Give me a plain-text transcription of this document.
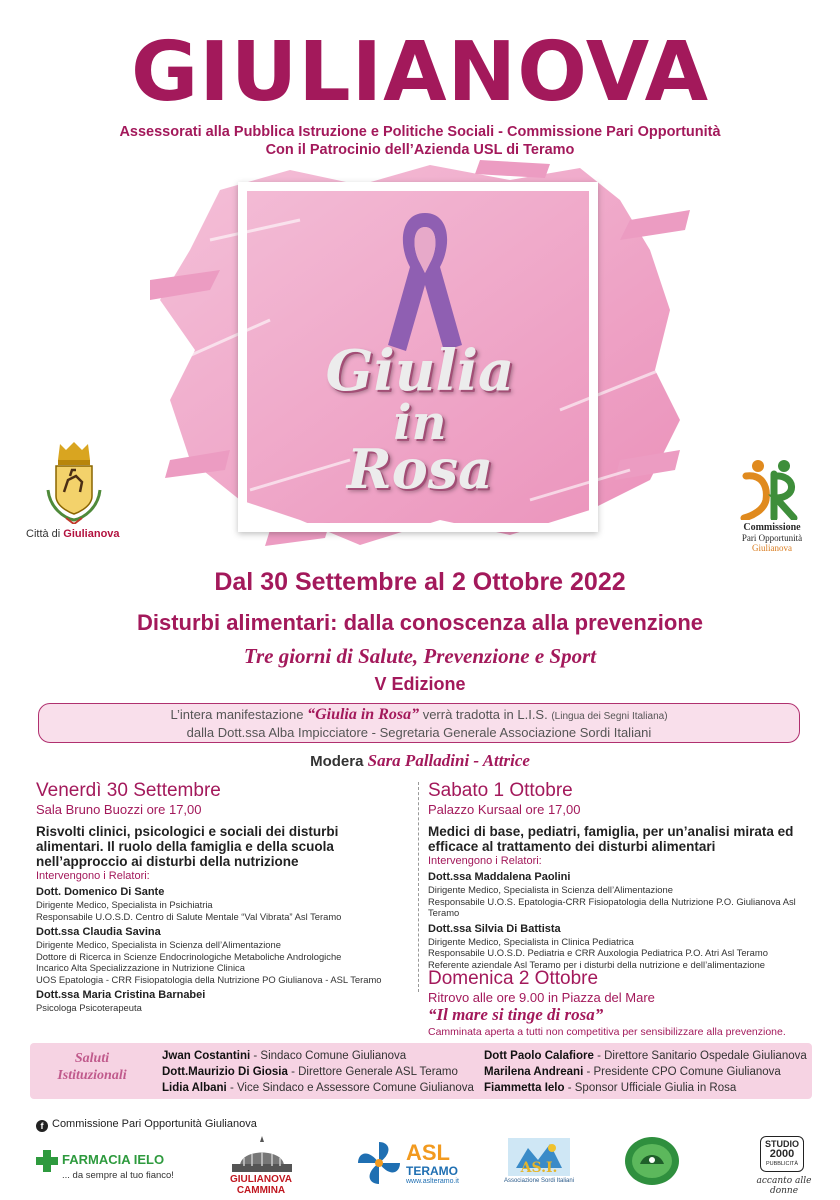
GIULIANOVA
Assessorati alla Pubblica Istruzione e Politiche Sociali - Commissione Pari Opportunità
Con il Patrocinio dell’Azienda USL di Teramo
Giulia
in
Rosa
Città di Giulianova
Commissione
Pari Opportunità
Giulianova
Dal 30 Settembre al 2 Ottobre 2022
Disturbi alimentari: dalla conoscenza alla prevenzione
Tre giorni di Salute, Prevenzione e Sport
V Edizione
L’intera manifestazione “Giulia in Rosa” verrà tradotta in L.I.S. (Lingua dei Segni Italiana)
dalla Dott.ssa Alba Impicciatore - Segretaria Generale Associazione Sordi Italiani
Modera Sara Palladini - Attrice
Venerdì 30 Settembre
Sala Bruno Buozzi ore 17,00
Risvolti clinici, psicologici e sociali dei disturbi alimentari. Il ruolo della famiglia e della scuola nell’approccio ai disturbi della nutrizione
Intervengono i Relatori:
Dott. Domenico Di Sante
Dirigente Medico, Specialista in Psichiatria
Responsabile U.O.S.D. Centro di Salute Mentale “Val Vibrata” Asl Teramo
Dott.ssa Claudia Savina
Dirigente Medico, Specialista in Scienza dell’Alimentazione
Dottore di Ricerca in Scienze Endocrinologiche Metaboliche Andrologiche
Incarico Alta Specializzazione in Nutrizione Clinica
UOS Epatologia - CRR Fisiopatologia della Nutrizione PO Giulianova - ASL Teramo
Dott.ssa Maria Cristina Barnabei
Psicologa Psicoterapeuta
Sabato 1 Ottobre
Palazzo Kursaal ore 17,00
Medici di base, pediatri, famiglia, per un’analisi mirata ed efficace al trattamento dei disturbi alimentari
Intervengono i Relatori:
Dott.ssa Maddalena Paolini
Dirigente Medico, Specialista in Scienza dell’Alimentazione
Responsabile U.O.S. Epatologia-CRR Fisiopatologia della Nutrizione P.O. Giulianova Asl Teramo
Dott.ssa Silvia Di Battista
Dirigente Medico, Specialista in Clinica Pediatrica
Responsabile U.O.S.D. Pediatria e CRR Auxologia Pediatrica P.O. Atri Asl Teramo
Referente aziendale Asl Teramo per i disturbi della nutrizione e dell’alimentazione
Domenica 2 Ottobre
Ritrovo alle ore 9.00 in Piazza del Mare
“Il mare si tinge di rosa”
Camminata aperta a tutti non competitiva per sensibilizzare alla prevenzione.
Saluti
Istituzionali
Jwan Costantini - Sindaco Comune Giulianova
Dott.Maurizio Di Giosia - Direttore Generale ASL Teramo
Lidia Albani - Vice Sindaco e Assessore Comune Giulianova
Dott Paolo Calafiore - Direttore Sanitario Ospedale Giulianova
Marilena Andreani - Presidente CPO Comune Giulianova
Fiammetta Ielo - Sponsor Ufficiale Giulia in Rosa
f Commissione Pari Opportunità Giulianova
FARMACIA IELO
... da sempre al tuo fianco!	GIULIANOVA CAMMINA
ASL
TERAMO
www.aslteramo.it
AS.I.
Associazione Sordi Italiani
STUDIO
2000
PUBBLICITÀ
accanto alle donne
